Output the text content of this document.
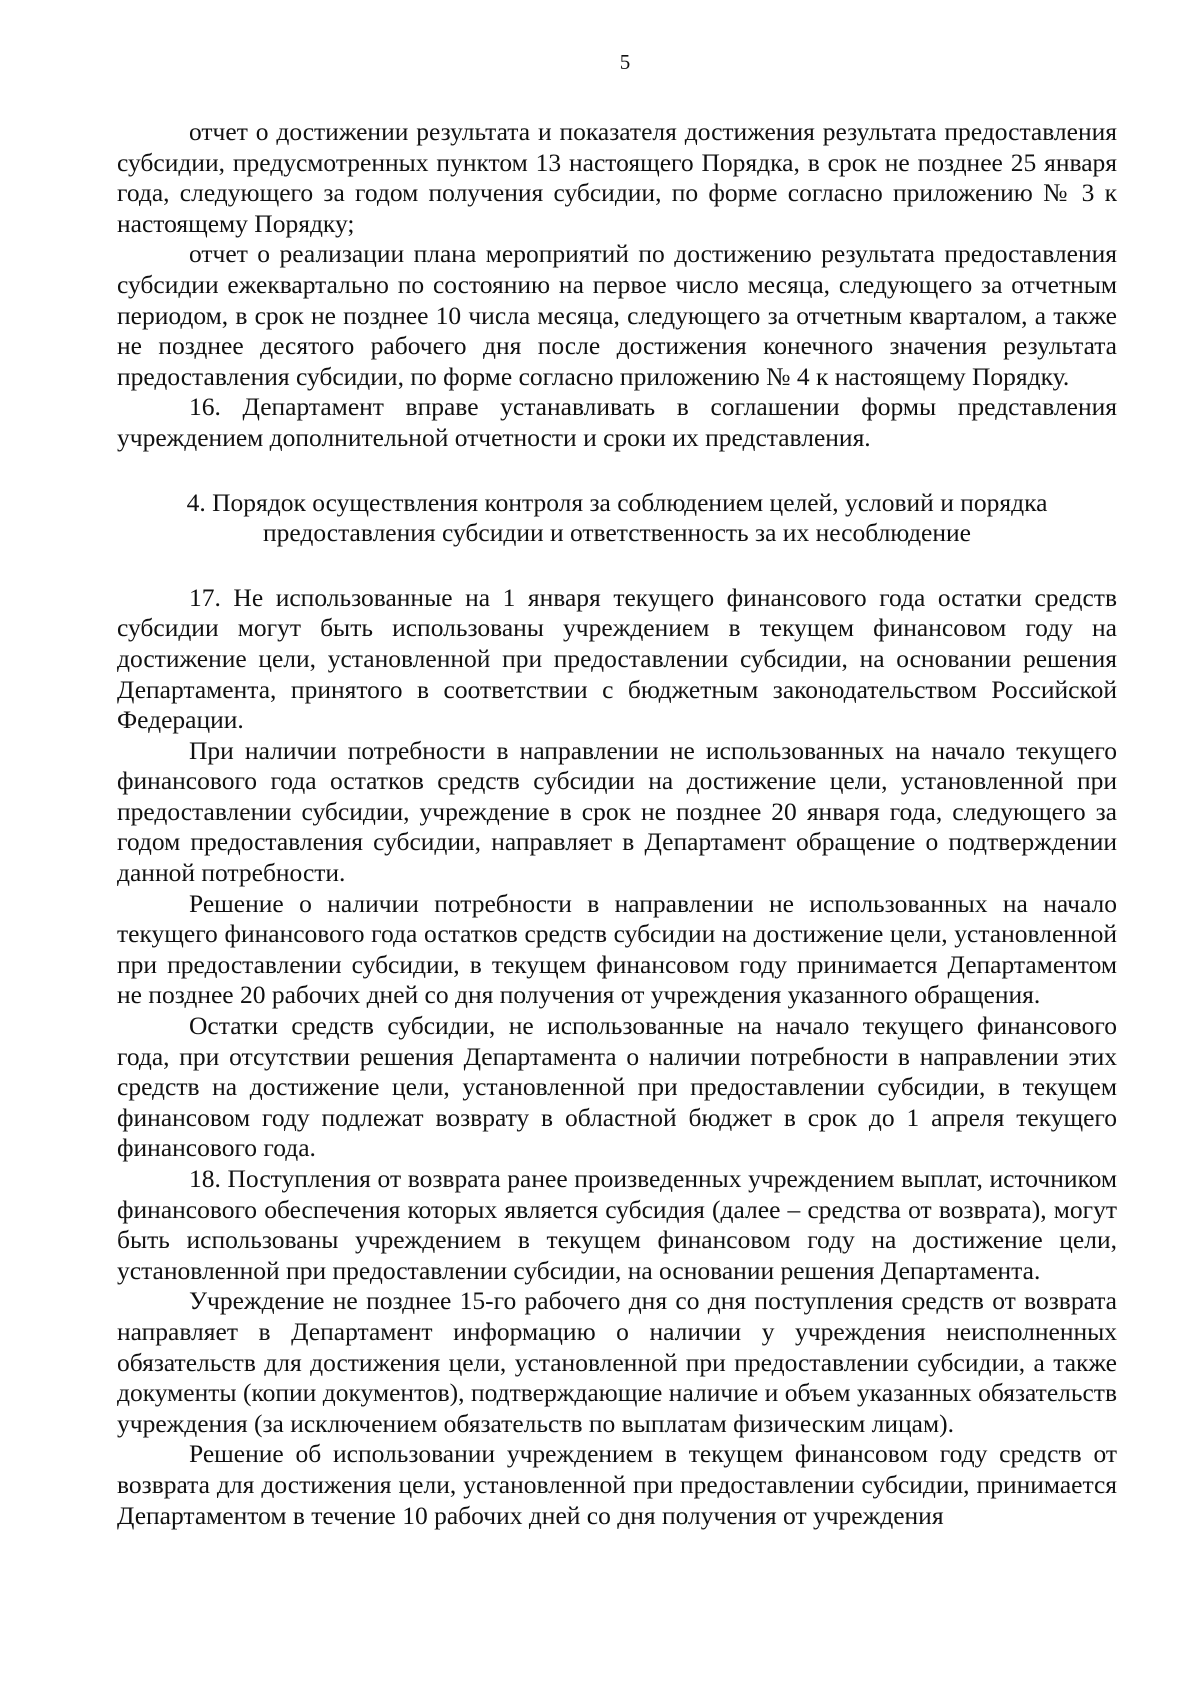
5

отчет о достижении результата и показателя достижения результата предоставления субсидии, предусмотренных пунктом 13 настоящего Порядка, в срок не позднее 25 января года, следующего за годом получения субсидии, по форме согласно приложению № 3 к настоящему Порядку;

отчет о реализации плана мероприятий по достижению результата предоставления субсидии ежеквартально по состоянию на первое число месяца, следующего за отчетным периодом, в срок не позднее 10 числа месяца, следующего за отчетным кварталом, а также не позднее десятого рабочего дня после достижения конечного значения результата предоставления субсидии, по форме согласно приложению № 4 к настоящему Порядку.

16. Департамент вправе устанавливать в соглашении формы представления учреждением дополнительной отчетности и сроки их представления.

4. Порядок осуществления контроля за соблюдением целей, условий и порядка
предоставления субсидии и ответственность за их несоблюдение

17. Не использованные на 1 января текущего финансового года остатки средств субсидии могут быть использованы учреждением в текущем финансовом году на достижение цели, установленной при предоставлении субсидии, на основании решения Департамента, принятого в соответствии с бюджетным законодательством Российской Федерации.

При наличии потребности в направлении не использованных на начало текущего финансового года остатков средств субсидии на достижение цели, установленной при предоставлении субсидии, учреждение в срок не позднее 20 января года, следующего за годом предоставления субсидии, направляет в Департамент обращение о подтверждении данной потребности.

Решение о наличии потребности в направлении не использованных на начало текущего финансового года остатков средств субсидии на достижение цели, установленной при предоставлении субсидии, в текущем финансовом году принимается Департаментом не позднее 20 рабочих дней со дня получения от учреждения указанного обращения.

Остатки средств субсидии, не использованные на начало текущего финансового года, при отсутствии решения Департамента о наличии потребности в направлении этих средств на достижение цели, установленной при предоставлении субсидии, в текущем финансовом году подлежат возврату в областной бюджет в срок до 1 апреля текущего финансового года.

18. Поступления от возврата ранее произведенных учреждением выплат, источником финансового обеспечения которых является субсидия (далее – средства от возврата), могут быть использованы учреждением в текущем финансовом году на достижение цели, установленной при предоставлении субсидии, на основании решения Департамента.

Учреждение не позднее 15-го рабочего дня со дня поступления средств от возврата направляет в Департамент информацию о наличии у учреждения неисполненных обязательств для достижения цели, установленной при предоставлении субсидии, а также документы (копии документов), подтверждающие наличие и объем указанных обязательств учреждения (за исключением обязательств по выплатам физическим лицам).

Решение об использовании учреждением в текущем финансовом году средств от возврата для достижения цели, установленной при предоставлении субсидии, принимается Департаментом в течение 10 рабочих дней со дня получения от учреждения
